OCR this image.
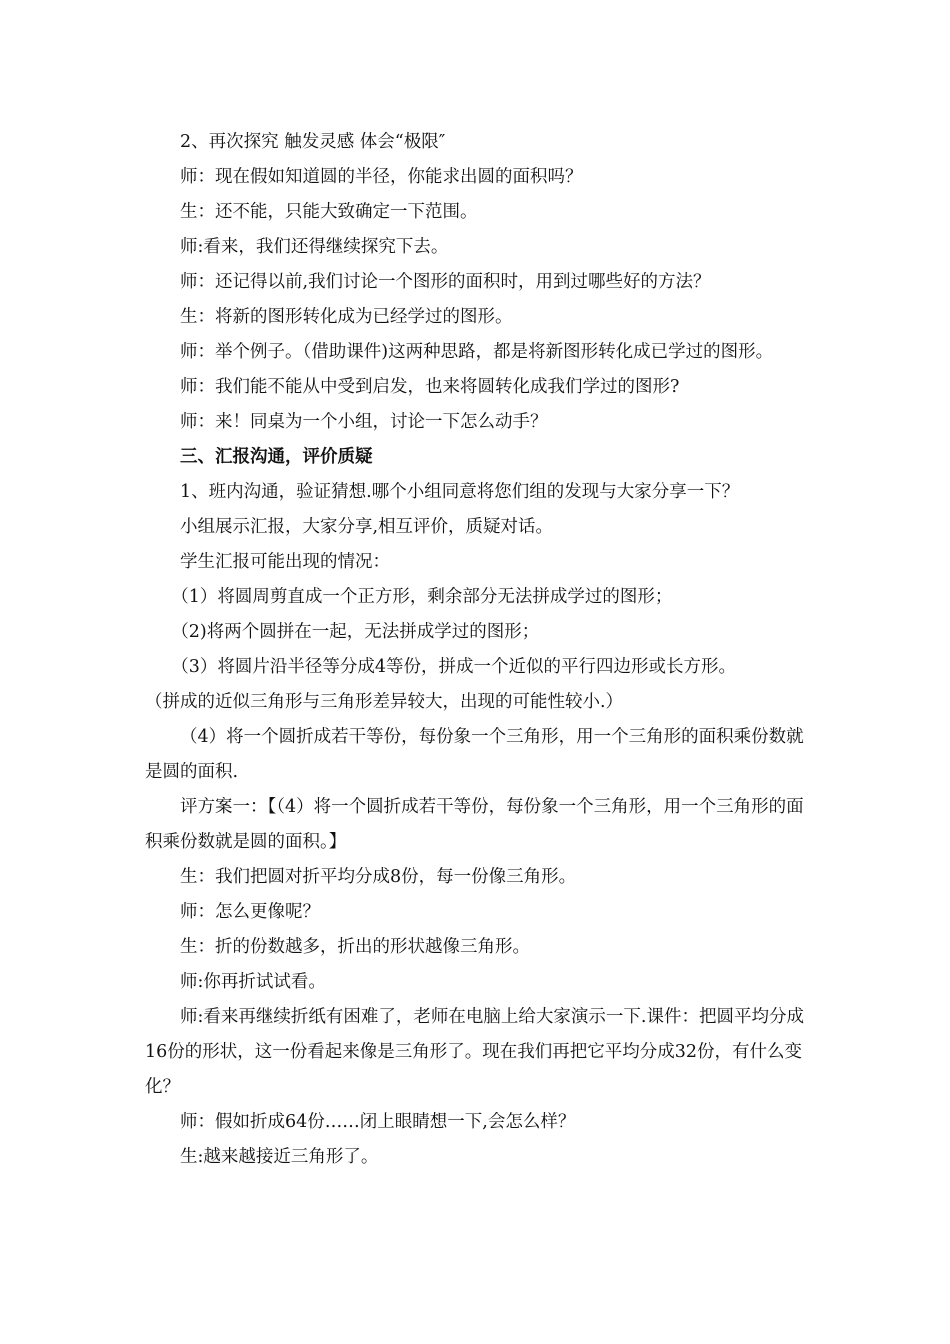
2、再次探究 触发灵感 体会“极限″

师：现在假如知道圆的半径，你能求出圆的面积吗？

生：还不能，只能大致确定一下范围。

师:看来，我们还得继续探究下去。

师：还记得以前,我们讨论一个图形的面积时，用到过哪些好的方法？

生：将新的图形转化成为已经学过的图形。

师：举个例子。（借助课件)这两种思路，都是将新图形转化成已学过的图形。

师：我们能不能从中受到启发，也来将圆转化成我们学过的图形?

师：来！同桌为一个小组，讨论一下怎么动手？

三、汇报沟通，评价质疑

1、班内沟通，验证猜想.哪个小组同意将您们组的发现与大家分享一下？

小组展示汇报，大家分享,相互评价，质疑对话。

学生汇报可能出现的情况：

（1）将圆周剪直成一个正方形，剩余部分无法拼成学过的图形；

（2)将两个圆拼在一起，无法拼成学过的图形；

（3）将圆片沿半径等分成4等份，拼成一个近似的平行四边形或长方形。

（拼成的近似三角形与三角形差异较大，出现的可能性较小.）

（4）将一个圆折成若干等份，每份象一个三角形，用一个三角形的面积乘份数就是圆的面积.

评方案一：【（4）将一个圆折成若干等份，每份象一个三角形，用一个三角形的面积乘份数就是圆的面积。】

生：我们把圆对折平均分成8份，每一份像三角形。

师：怎么更像呢？

生：折的份数越多，折出的形状越像三角形。

师:你再折试试看。

师:看来再继续折纸有困难了，老师在电脑上给大家演示一下.课件：把圆平均分成16份的形状，这一份看起来像是三角形了。现在我们再把它平均分成32份，有什么变化？

师：假如折成64份……闭上眼睛想一下,会怎么样？

生:越来越接近三角形了。
